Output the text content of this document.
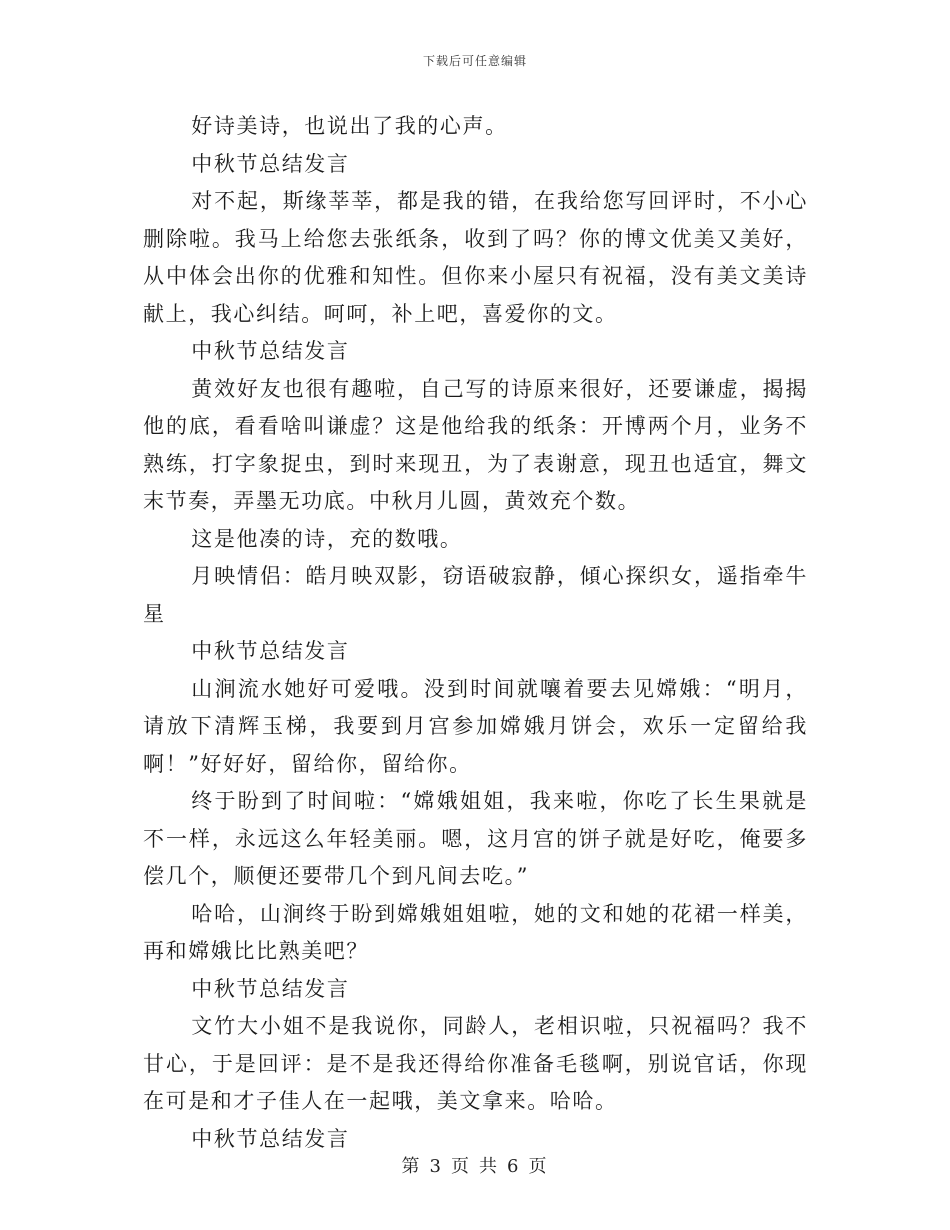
下载后可任意编辑

好诗美诗，也说出了我的心声。

中秋节总结发言

对不起，斯缘莘莘，都是我的错，在我给您写回评时，不小心删除啦。我马上给您去张纸条，收到了吗？你的博文优美又美好，从中体会出你的优雅和知性。但你来小屋只有祝福，没有美文美诗献上，我心纠结。呵呵，补上吧，喜爱你的文。

中秋节总结发言

黄效好友也很有趣啦，自己写的诗原来很好，还要谦虚，揭揭他的底，看看啥叫谦虚？这是他给我的纸条：开博两个月，业务不熟练，打字象捉虫，到时来现丑，为了表谢意，现丑也适宜，舞文末节奏，弄墨无功底。中秋月儿圆，黄效充个数。

这是他凑的诗，充的数哦。

月映情侣：皓月映双影，窃语破寂静，傾心探织女，遥指牵牛星

中秋节总结发言

山涧流水她好可爱哦。没到时间就嚷着要去见嫦娥：“明月，请放下清辉玉梯，我要到月宫参加嫦娥月饼会，欢乐一定留给我啊！”好好好，留给你，留给你。

终于盼到了时间啦：“嫦娥姐姐，我来啦，你吃了长生果就是不一样，永远这么年轻美丽。嗯，这月宫的饼子就是好吃，俺要多偿几个，顺便还要带几个到凡间去吃。”

哈哈，山涧终于盼到嫦娥姐姐啦，她的文和她的花裙一样美，再和嫦娥比比熟美吧？

中秋节总结发言

文竹大小姐不是我说你，同龄人，老相识啦，只祝福吗？我不甘心，于是回评：是不是我还得给你准备毛毯啊，别说官话，你现在可是和才子佳人在一起哦，美文拿来。哈哈。

中秋节总结发言

第 3 页 共 6 页
